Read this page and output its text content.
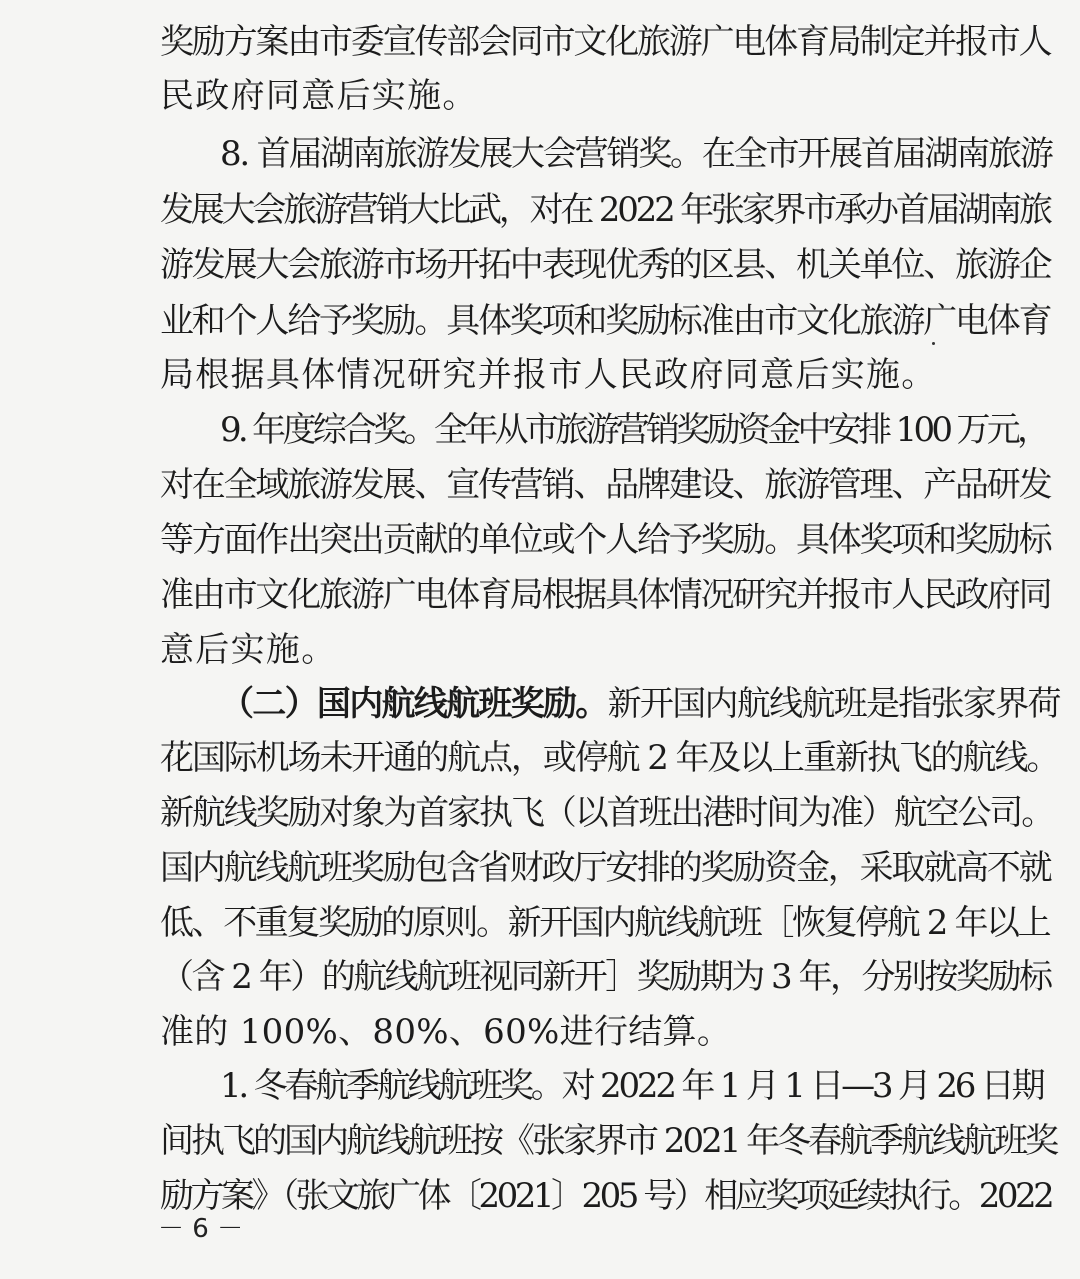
奖励方案由市委宣传部会同市文化旅游广电体育局制定并报市人
民政府同意后实施。
8. 首届湖南旅游发展大会营销奖。在全市开展首届湖南旅游
发展大会旅游营销大比武，对在 2022 年张家界市承办首届湖南旅
游发展大会旅游市场开拓中表现优秀的区县、机关单位、旅游企
业和个人给予奖励。具体奖项和奖励标准由市文化旅游广电体育
局根据具体情况研究并报市人民政府同意后实施。
9. 年度综合奖。全年从市旅游营销奖励资金中安排 100 万元，
对在全域旅游发展、宣传营销、品牌建设、旅游管理、产品研发
等方面作出突出贡献的单位或个人给予奖励。具体奖项和奖励标
准由市文化旅游广电体育局根据具体情况研究并报市人民政府同
意后实施。
（二）国内航线航班奖励。新开国内航线航班是指张家界荷
花国际机场未开通的航点，或停航 2 年及以上重新执飞的航线。
新航线奖励对象为首家执飞（以首班出港时间为准）航空公司。
国内航线航班奖励包含省财政厅安排的奖励资金，采取就高不就
低、不重复奖励的原则。新开国内航线航班［恢复停航 2 年以上
（含 2 年）的航线航班视同新开］奖励期为 3 年，分别按奖励标
准的 100%、80%、60%进行结算。
1. 冬春航季航线航班奖。对 2022 年 1 月 1 日—3 月 26 日期
间执飞的国内航线航班按《张家界市 2021 年冬春航季航线航班奖
励方案》（张文旅广体〔2021〕205 号）相应奖项延续执行。2022
－ 6 －
